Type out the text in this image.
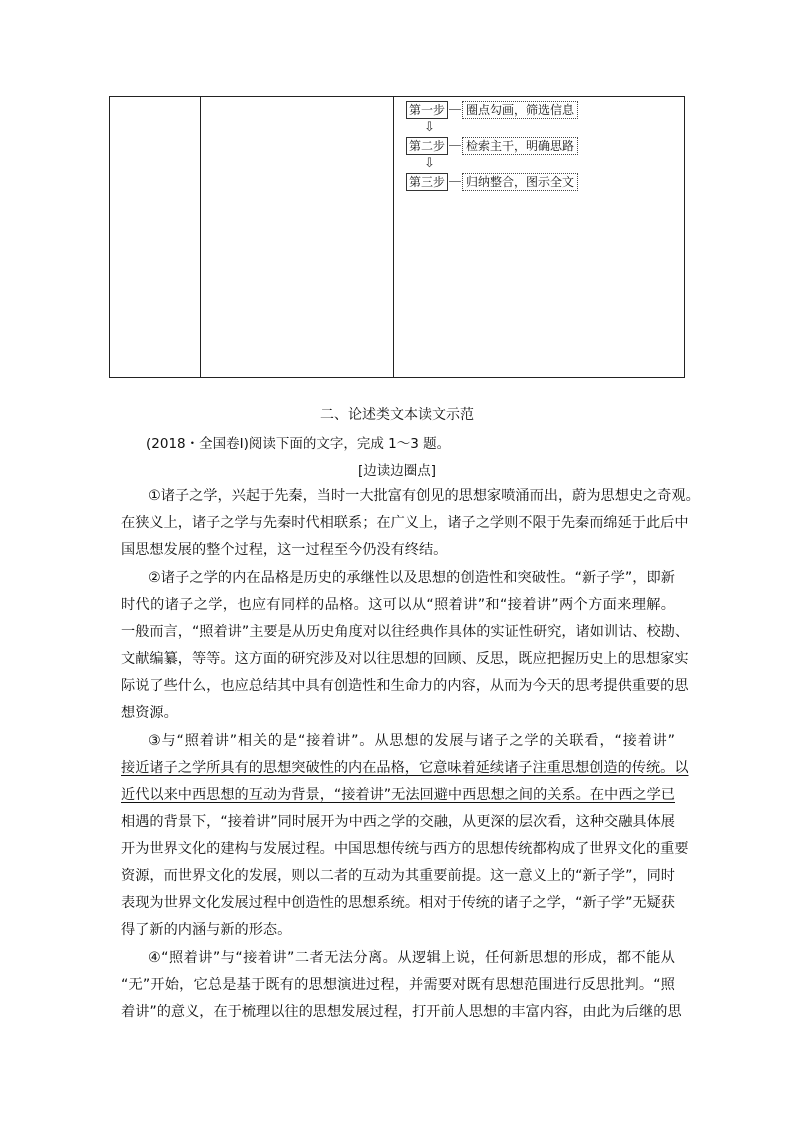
第一步	圈点勾画，筛选信息
⇩
第二步	检索主干，明确思路
⇩
第三步	归纳整合，图示全文
二、论述类文本读文示范
(2018・全国卷Ⅰ)阅读下面的文字，完成 1～3 题。
[边读边圈点]
①诸子之学，兴起于先秦，当时一大批富有创见的思想家喷涌而出，蔚为思想史之奇观。
在狭义上，诸子之学与先秦时代相联系；在广义上，诸子之学则不限于先秦而绵延于此后中
国思想发展的整个过程，这一过程至今仍没有终结。
②诸子之学的内在品格是历史的承继性以及思想的创造性和突破性。“新子学”，即新
时代的诸子之学，也应有同样的品格。这可以从“照着讲”和“接着讲”两个方面来理解。
一般而言，“照着讲”主要是从历史角度对以往经典作具体的实证性研究，诸如训诂、校勘、
文献编纂，等等。这方面的研究涉及对以往思想的回顾、反思，既应把握历史上的思想家实
际说了些什么，也应总结其中具有创造性和生命力的内容，从而为今天的思考提供重要的思
想资源。
③与“照着讲”相关的是“接着讲”。从思想的发展与诸子之学的关联看，“接着讲”
接近诸子之学所具有的思想突破性的内在品格，它意味着延续诸子注重思想创造的传统。以
近代以来中西思想的互动为背景，“接着讲”无法回避中西思想之间的关系。在中西之学已
相遇的背景下，“接着讲”同时展开为中西之学的交融，从更深的层次看，这种交融具体展
开为世界文化的建构与发展过程。中国思想传统与西方的思想传统都构成了世界文化的重要
资源，而世界文化的发展，则以二者的互动为其重要前提。这一意义上的“新子学”，同时
表现为世界文化发展过程中创造性的思想系统。相对于传统的诸子之学，“新子学”无疑获
得了新的内涵与新的形态。
④“照着讲”与“接着讲”二者无法分离。从逻辑上说，任何新思想的形成，都不能从
“无”开始，它总是基于既有的思想演进过程，并需要对既有思想范围进行反思批判。“照
着讲”的意义，在于梳理以往的思想发展过程，打开前人思想的丰富内容，由此为后继的思
